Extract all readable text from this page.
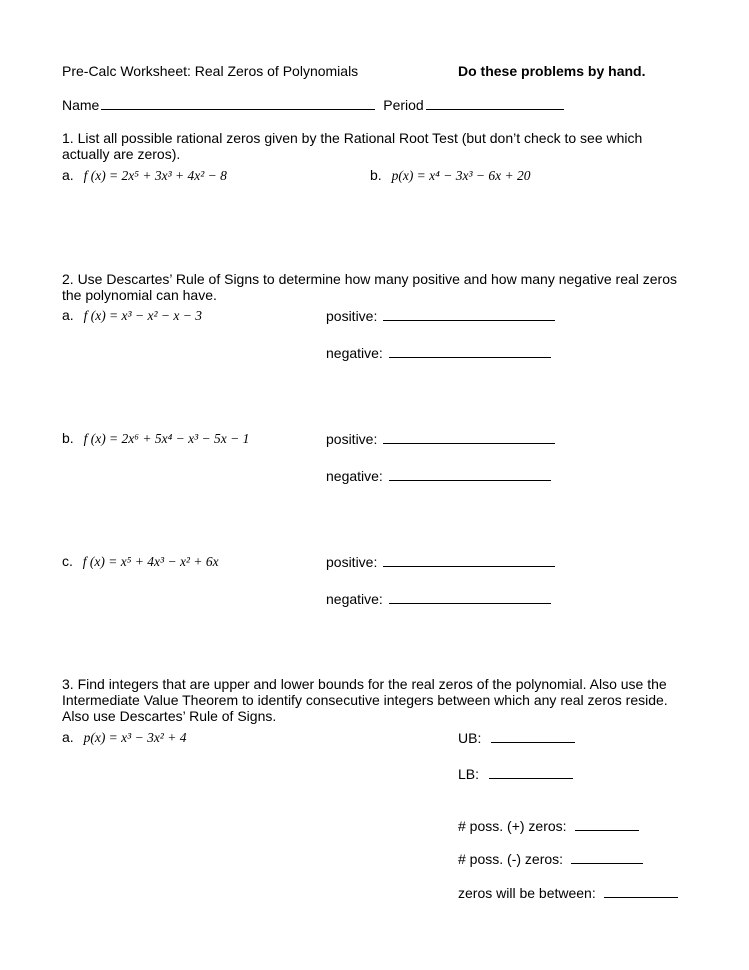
Pre-Calc Worksheet: Real Zeros of Polynomials	Do these problems by hand.
Name	Period
1. List all possible rational zeros given by the Rational Root Test (but don’t check to see which actually are zeros).
a. f (x) = 2x⁵ + 3x³ + 4x² − 8	b. p(x) = x⁴ − 3x³ − 6x + 20
2. Use Descartes’ Rule of Signs to determine how many positive and how many negative real zeros the polynomial can have.
a. f (x) = x³ − x² − x − 3	positive:
negative:
b. f (x) = 2x⁶ + 5x⁴ − x³ − 5x − 1	positive:
negative:
c. f (x) = x⁵ + 4x³ − x² + 6x	positive:
negative:
3. Find integers that are upper and lower bounds for the real zeros of the polynomial. Also use the Intermediate Value Theorem to identify consecutive integers between which any real zeros reside. Also use Descartes’ Rule of Signs.
a. p(x) = x³ − 3x² + 4	UB:
LB:
# poss. (+) zeros:
# poss. (-) zeros:
zeros will be between:
